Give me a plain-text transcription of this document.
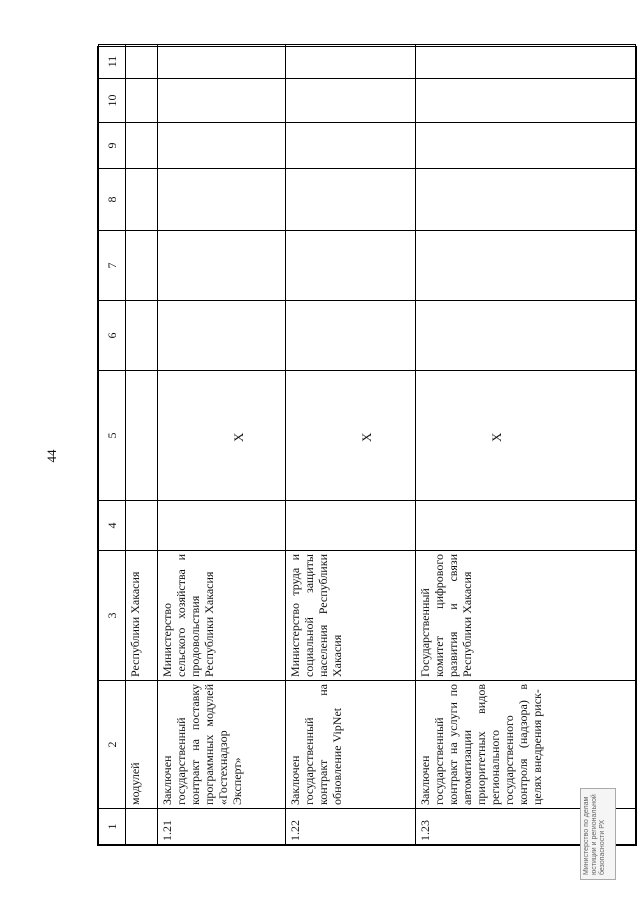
44
1	2	3	4	5	6	7	8	9	10	11
	модулей	Республики Хакасия								
1.21	Заключен государственный контракт на поставку программных модулей «Гостехнадзор Эксперт»	Министерство сельского хозяйства и продовольствия Республики Хакасия		X						

1.22	Заключен государственный контракт на обновление VipNet	Министерство труда и социальной защиты населения Республики Хакасия		X						

1.23	Заключен государственный контракт на услуги по автоматизации приоритетных видов регионального государственного контроля (надзора) в целях внедрения риск-	Государственный комитет цифрового развития и связи Республики Хакасия		X						

Министерство по делам юстиции и региональной безопасности РХ
